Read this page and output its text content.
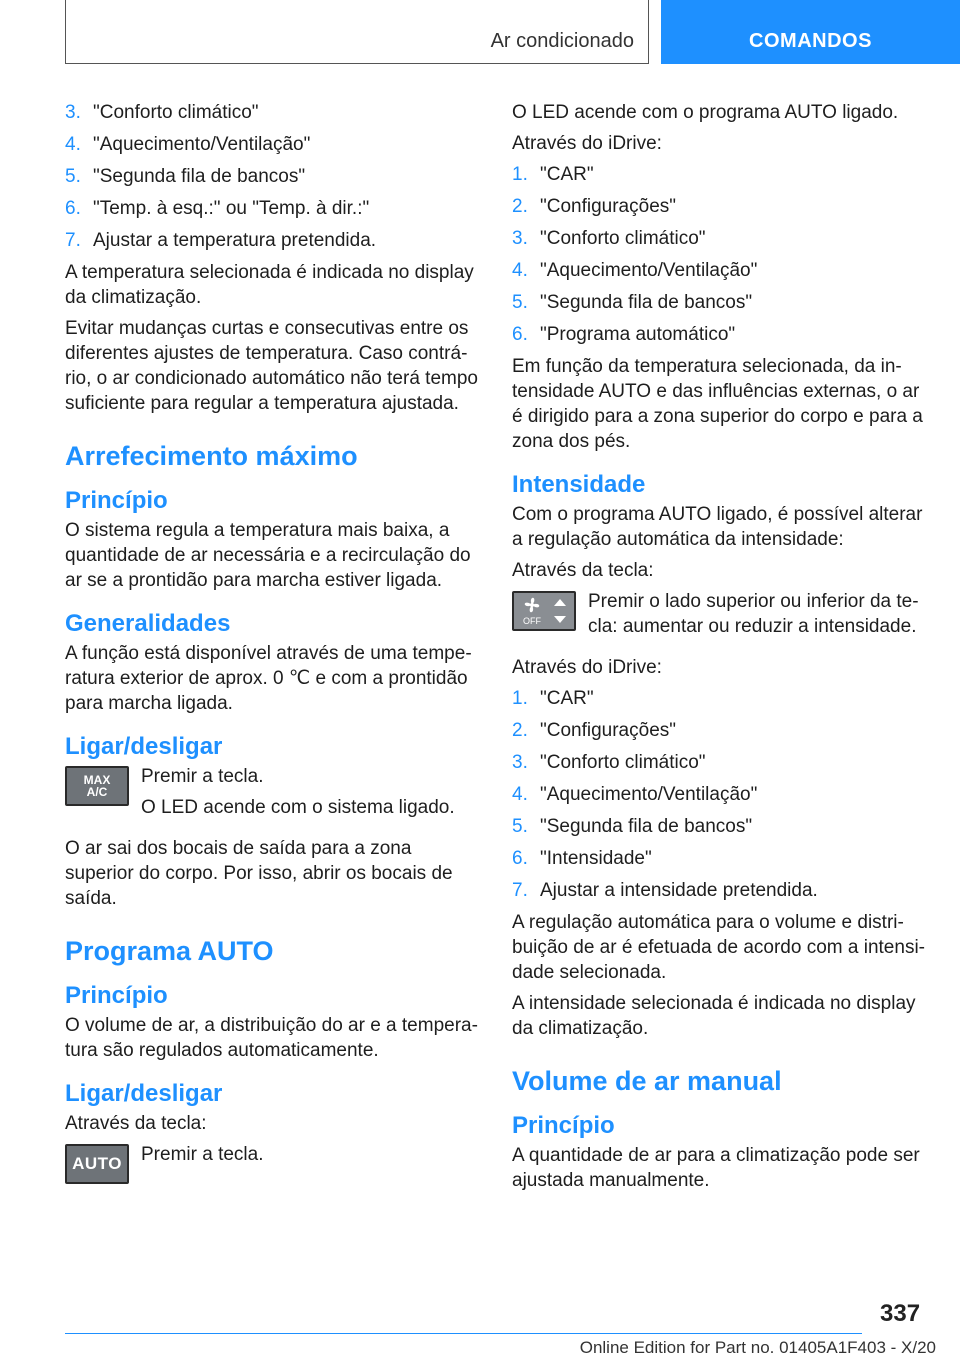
Ar condicionado	COMANDOS
3. "Conforto climático"
4. "Aquecimento/Ventilação"
5. "Segunda fila de bancos"
6. "Temp. à esq.:" ou "Temp. à dir.:"
7. Ajustar a temperatura pretendida.

A temperatura selecionada é indicada no display da climatização.

Evitar mudanças curtas e consecutivas entre os diferentes ajustes de temperatura. Caso contrário, o ar condicionado automático não terá tempo suficiente para regular a temperatura ajustada.

Arrefecimento máximo
Princípio

O sistema regula a temperatura mais baixa, a quantidade de ar necessária e a recirculação do ar se a prontidão para marcha estiver ligada.

Generalidades

A função está disponível através de uma temperatura exterior de aprox. 0 ℃ e com a prontidão para marcha ligada.

Ligar/desligar
MAX
A/C

Premir a tecla.

O LED acende com o sistema ligado.

O ar sai dos bocais de saída para a zona superior do corpo. Por isso, abrir os bocais de saída.

Programa AUTO
Princípio

O volume de ar, a distribuição do ar e a temperatura são regulados automaticamente.

Ligar/desligar

Através da tecla:

AUTO Premir a tecla.

O LED acende com o programa AUTO ligado.

Através do iDrive:

1. "CAR"
2. "Configurações"
3. "Conforto climático"
4. "Aquecimento/Ventilação"
5. "Segunda fila de bancos"
6. "Programa automático"

Em função da temperatura selecionada, da intensidade AUTO e das influências externas, o ar é dirigido para a zona superior do corpo e para a zona dos pés.

Intensidade

Com o programa AUTO ligado, é possível alterar a regulação automática da intensidade:

Através da tecla:

OFF

Premir o lado superior ou inferior da tecla: aumentar ou reduzir a intensidade.

Através do iDrive:

1. "CAR"
2. "Configurações"
3. "Conforto climático"
4. "Aquecimento/Ventilação"
5. "Segunda fila de bancos"
6. "Intensidade"
7. Ajustar a intensidade pretendida.

A regulação automática para o volume e distribuição de ar é efetuada de acordo com a intensidade selecionada.

A intensidade selecionada é indicada no display da climatização.

Volume de ar manual
Princípio

A quantidade de ar para a climatização pode ser ajustada manualmente.

337
Online Edition for Part no. 01405A1F403 - X/20
